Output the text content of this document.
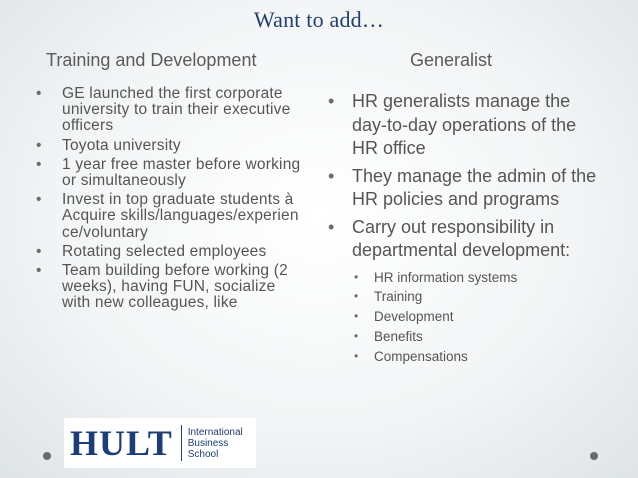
Want to add…
Training and Development	Generalist
• GE launched the first corporate university to train their executive officers
• Toyota university
• 1 year free master before working or simultaneously
• Invest in top graduate students à Acquire skills/languages/experience/voluntary
• Rotating selected employees
• Team building before working (2 weeks), having FUN, socialize with new colleagues, like
• HR generalists manage the day-to-day operations of the HR office
• They manage the admin of the HR policies and programs
• Carry out responsibility in departmental development:
• HR information systems
• Training
• Development
• Benefits
• Compensations
HULT International
Business
School
